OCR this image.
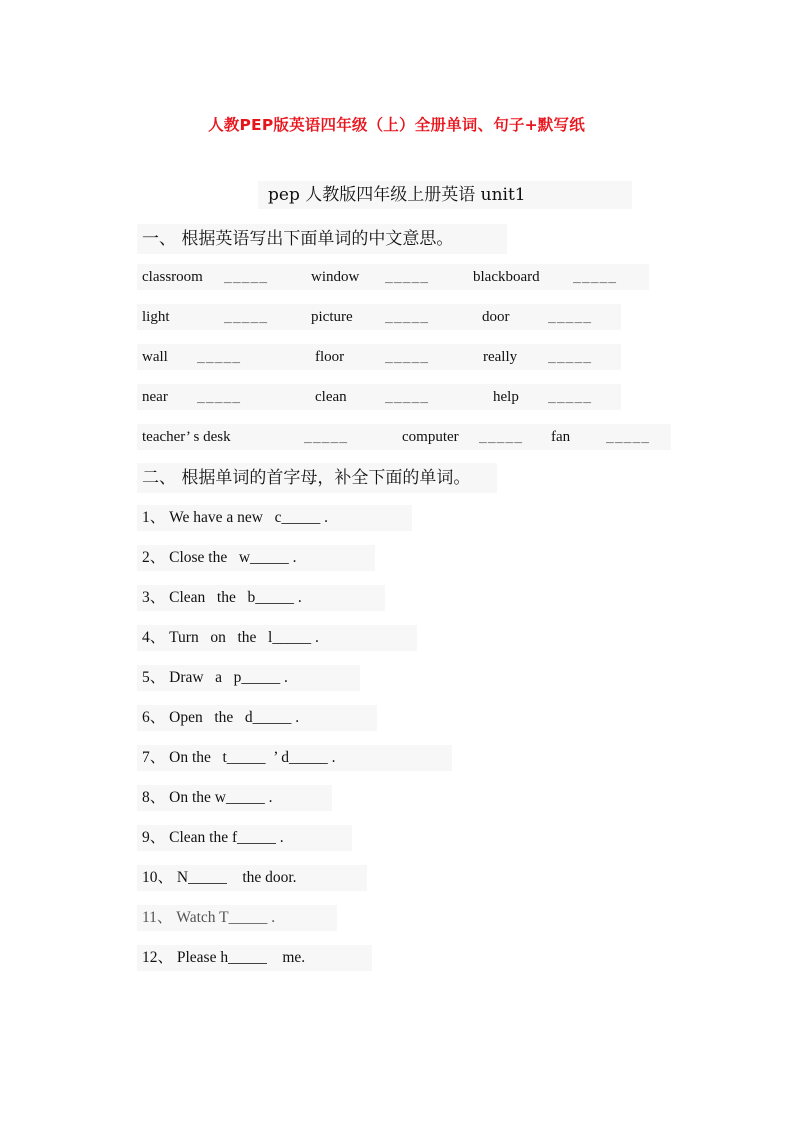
人教PEP版英语四年级（上）全册单词、句子+默写纸
pep 人教版四年级上册英语 unit1
一、 根据英语写出下面单词的中文意思。
classroom _____	window _____	blackboard	_____
light	_____	picture _____	door	_____
wall _____	floor	_____	really _____
near _____	clean	_____	help _____
teacher’ s desk	_____	computer _____ fan	_____
二、 根据单词的首字母，补全下面的单词。
1、 We have a new   c_____ .
2、 Close the   w_____ .
3、 Clean   the   b_____ .
4、 Turn   on   the   l_____ .
5、 Draw   a   p_____ .
6、 Open   the   d_____ .
7、 On the   t_____  ’ d_____ .
8、 On the w_____ .
9、 Clean the f_____ .
10、 N_____    the door.
11、 Watch T_____ .
12、 Please h_____    me.
